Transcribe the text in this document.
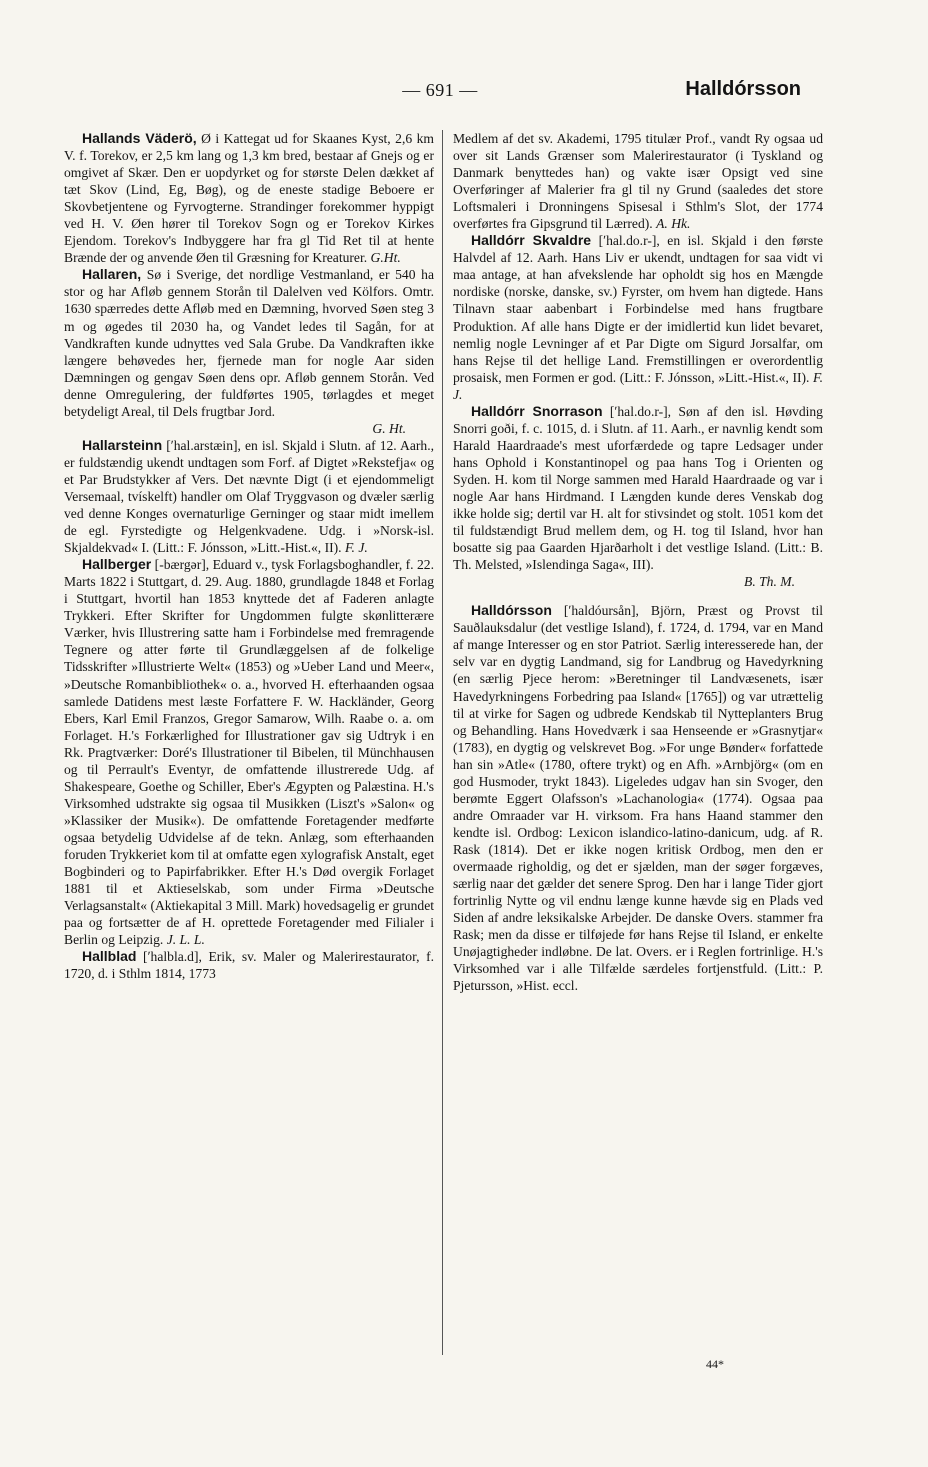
— 691 —	Halldórsson

Hallands Väderö, Ø i Kattegat ud for Skaanes Kyst, 2,6 km V. f. Torekov, er 2,5 km lang og 1,3 km bred, bestaar af Gnejs og er omgivet af Skær. Den er uopdyrket og for største Delen dækket af tæt Skov (Lind, Eg, Bøg), og de eneste stadige Beboere er Skovbetjentene og Fyrvogterne. Strandinger forekommer hyppigt ved H. V. Øen hører til Torekov Sogn og er Torekov Kirkes Ejendom. Torekov's Indbyggere har fra gl Tid Ret til at hente Brænde der og anvende Øen til Græsning for Kreaturer. G.Ht.

Hallaren, Sø i Sverige, det nordlige Vestmanland, er 540 ha stor og har Afløb gennem Storån til Dalelven ved Kölfors. Omtr. 1630 spærredes dette Afløb med en Dæmning, hvorved Søen steg 3 m og øgedes til 2030 ha, og Vandet ledes til Sagån, for at Vandkraften kunde udnyttes ved Sala Grube. Da Vandkraften ikke længere behøvedes her, fjernede man for nogle Aar siden Dæmningen og gengav Søen dens opr. Afløb gennem Storån. Ved denne Omregulering, der fuldførtes 1905, tørlagdes et meget betydeligt Areal, til Dels frugtbar Jord.

G. Ht.

Hallarsteinn [ʹhal.arstæin], en isl. Skjald i Slutn. af 12. Aarh., er fuldstændig ukendt undtagen som Forf. af Digtet »Rekstefja« og et Par Brudstykker af Vers. Det nævnte Digt (i et ejendommeligt Versemaal, tvískelft) handler om Olaf Tryggvason og dvæler særlig ved denne Konges overnaturlige Gerninger og staar midt imellem de egl. Fyrstedigte og Helgenkvadene. Udg. i »Norsk-isl. Skjaldekvad« I. (Litt.: F. Jónsson, »Litt.-Hist.«, II). F. J.

Hallberger [-bærgər], Eduard v., tysk Forlagsboghandler, f. 22. Marts 1822 i Stuttgart, d. 29. Aug. 1880, grundlagde 1848 et Forlag i Stuttgart, hvortil han 1853 knyttede det af Faderen anlagte Trykkeri. Efter Skrifter for Ungdommen fulgte skønlitterære Værker, hvis Illustrering satte ham i Forbindelse med fremragende Tegnere og atter førte til Grundlæggelsen af de folkelige Tidsskrifter »Illustrierte Welt« (1853) og »Ueber Land und Meer«, »Deutsche Romanbibliothek« o. a., hvorved H. efterhaanden ogsaa samlede Datidens mest læste Forfattere F. W. Hackländer, Georg Ebers, Karl Emil Franzos, Gregor Samarow, Wilh. Raabe o. a. om Forlaget. H.'s Forkærlighed for Illustrationer gav sig Udtryk i en Rk. Pragtværker: Doré's Illustrationer til Bibelen, til Münchhausen og til Perrault's Eventyr, de omfattende illustrerede Udg. af Shakespeare, Goethe og Schiller, Eber's Ægypten og Palæstina. H.'s Virksomhed udstrakte sig ogsaa til Musikken (Liszt's »Salon« og »Klassiker der Musik«). De omfattende Foretagender medførte ogsaa betydelig Udvidelse af de tekn. Anlæg, som efterhaanden foruden Trykkeriet kom til at omfatte egen xylografisk Anstalt, eget Bogbinderi og to Papirfabrikker. Efter H.'s Død overgik Forlaget 1881 til et Aktieselskab, som under Firma »Deutsche Verlagsanstalt« (Aktiekapital 3 Mill. Mark) hovedsagelig er grundet paa og fortsætter de af H. oprettede Foretagender med Filialer i Berlin og Leipzig. J. L. L.

Hallblad [ʹhalbla.d], Erik, sv. Maler og Malerirestaurator, f. 1720, d. i Sthlm 1814, 1773

Medlem af det sv. Akademi, 1795 titulær Prof., vandt Ry ogsaa ud over sit Lands Grænser som Malerirestaurator (i Tyskland og Danmark benyttedes han) og vakte især Opsigt ved sine Overføringer af Malerier fra gl til ny Grund (saaledes det store Loftsmaleri i Dronningens Spisesal i Sthlm's Slot, der 1774 overførtes fra Gipsgrund til Lærred). A. Hk.

Halldórr Skvaldre [ʹhal.do.r-], en isl. Skjald i den første Halvdel af 12. Aarh. Hans Liv er ukendt, undtagen for saa vidt vi maa antage, at han afvekslende har opholdt sig hos en Mængde nordiske (norske, danske, sv.) Fyrster, om hvem han digtede. Hans Tilnavn staar aabenbart i Forbindelse med hans frugtbare Produktion. Af alle hans Digte er der imidlertid kun lidet bevaret, nemlig nogle Levninger af et Par Digte om Sigurd Jorsalfar, om hans Rejse til det hellige Land. Fremstillingen er overordentlig prosaisk, men Formen er god. (Litt.: F. Jónsson, »Litt.-Hist.«, II). F. J.

Halldórr Snorrason [ʹhal.do.r-], Søn af den isl. Høvding Snorri goði, f. c. 1015, d. i Slutn. af 11. Aarh., er navnlig kendt som Harald Haardraade's mest uforfærdede og tapre Ledsager under hans Ophold i Konstantinopel og paa hans Tog i Orienten og Syden. H. kom til Norge sammen med Harald Haardraade og var i nogle Aar hans Hirdmand. I Længden kunde deres Venskab dog ikke holde sig; dertil var H. alt for stivsindet og stolt. 1051 kom det til fuldstændigt Brud mellem dem, og H. tog til Island, hvor han bosatte sig paa Gaarden Hjarðarholt i det vestlige Island. (Litt.: B. Th. Melsted, »Islendinga Saga«, III).

B. Th. M.

Halldórsson [ʹhaldóursån], Björn, Præst og Provst til Sauðlauksdalur (det vestlige Island), f. 1724, d. 1794, var en Mand af mange Interesser og en stor Patriot. Særlig interesserede han, der selv var en dygtig Landmand, sig for Landbrug og Havedyrkning (en særlig Pjece herom: »Beretninger til Landvæsenets, især Havedyrkningens Forbedring paa Island« [1765]) og var utrættelig til at virke for Sagen og udbrede Kendskab til Nytteplanters Brug og Behandling. Hans Hovedværk i saa Henseende er »Grasnytjar« (1783), en dygtig og velskrevet Bog. »For unge Bønder« forfattede han sin »Atle« (1780, oftere trykt) og en Afh. »Arnbjörg« (om en god Husmoder, trykt 1843). Ligeledes udgav han sin Svoger, den berømte Eggert Olafsson's »Lachanologia« (1774). Ogsaa paa andre Omraader var H. virksom. Fra hans Haand stammer den kendte isl. Ordbog: Lexicon islandico-latino-danicum, udg. af R. Rask (1814). Det er ikke nogen kritisk Ordbog, men den er overmaade righoldig, og det er sjælden, man der søger forgæves, særlig naar det gælder det senere Sprog. Den har i lange Tider gjort fortrinlig Nytte og vil endnu længe kunne hævde sig en Plads ved Siden af andre leksikalske Arbejder. De danske Overs. stammer fra Rask; men da disse er tilføjede før hans Rejse til Island, er enkelte Unøjagtigheder indløbne. De lat. Overs. er i Reglen fortrinlige. H.'s Virksomhed var i alle Tilfælde særdeles fortjenstfuld. (Litt.: P. Pjetursson, »Hist. eccl.

44*
